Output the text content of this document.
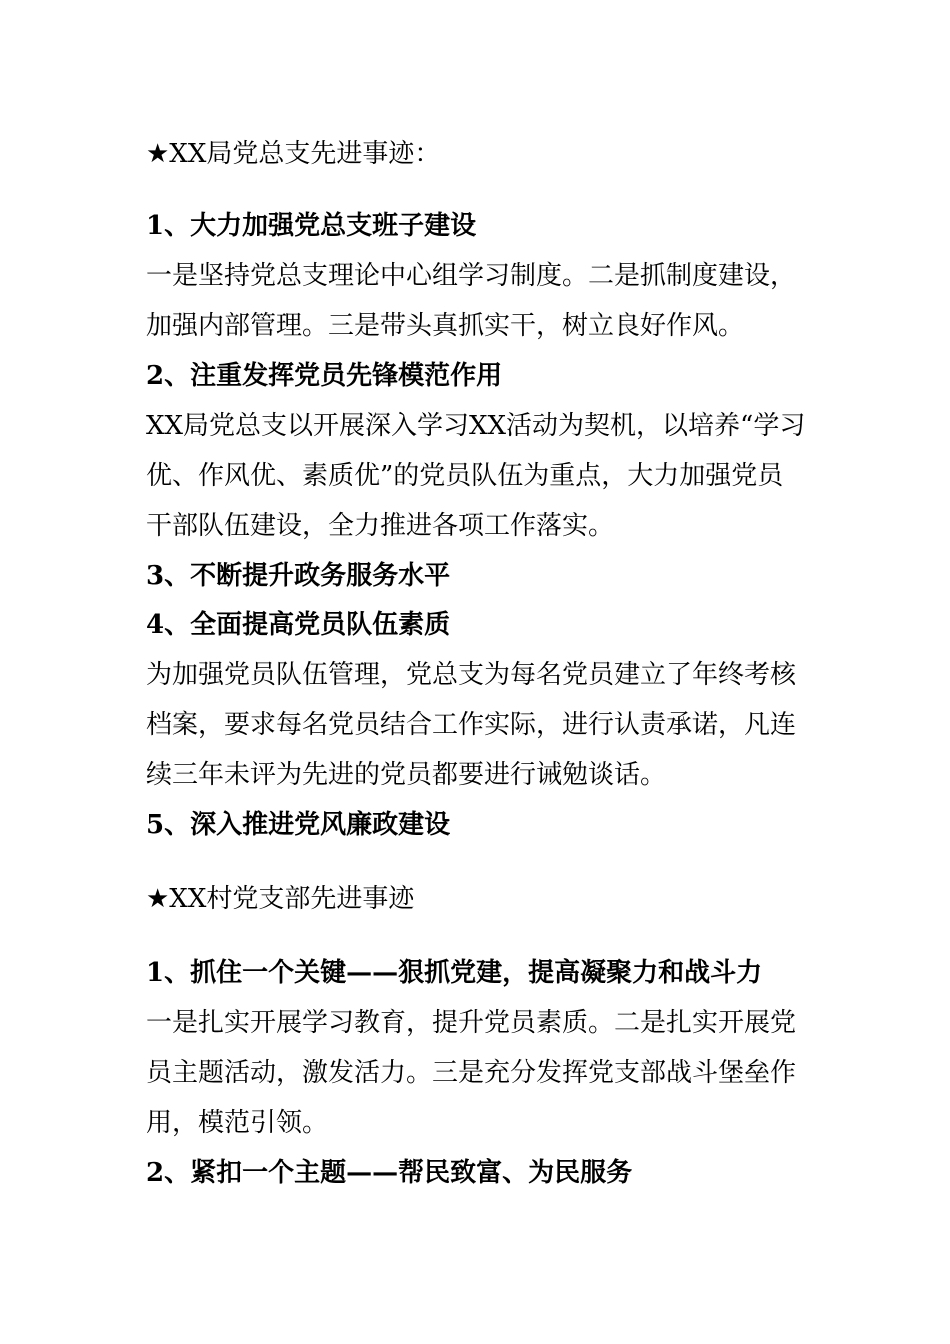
★XX局党总支先进事迹：
1、大力加强党总支班子建设
一是坚持党总支理论中心组学习制度。二是抓制度建设，
加强内部管理。三是带头真抓实干，树立良好作风。
2、注重发挥党员先锋模范作用
XX局党总支以开展深入学习XX活动为契机，以培养“学习
优、作风优、素质优”的党员队伍为重点，大力加强党员
干部队伍建设，全力推进各项工作落实。
3、不断提升政务服务水平
4、全面提高党员队伍素质
为加强党员队伍管理，党总支为每名党员建立了年终考核
档案，要求每名党员结合工作实际，进行认责承诺，凡连
续三年未评为先进的党员都要进行诫勉谈话。
5、深入推进党风廉政建设
★XX村党支部先进事迹
1、抓住一个关键——狠抓党建，提高凝聚力和战斗力
一是扎实开展学习教育，提升党员素质。二是扎实开展党
员主题活动，激发活力。三是充分发挥党支部战斗堡垒作
用，模范引领。
2、紧扣一个主题——帮民致富、为民服务
